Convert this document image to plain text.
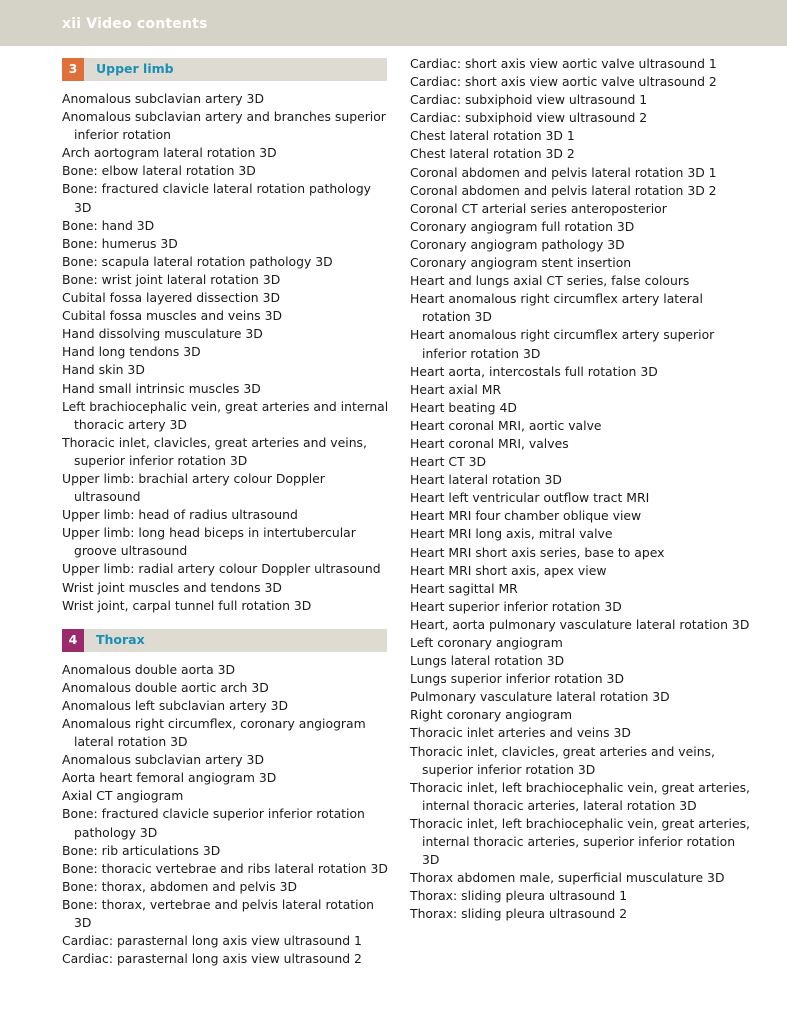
xii Video contents
3	Upper limb
Anomalous subclavian artery 3D
Anomalous subclavian artery and branches superior inferior rotation
Arch aortogram lateral rotation 3D
Bone: elbow lateral rotation 3D
Bone: fractured clavicle lateral rotation pathology 3D
Bone: hand 3D
Bone: humerus 3D
Bone: scapula lateral rotation pathology 3D
Bone: wrist joint lateral rotation 3D
Cubital fossa layered dissection 3D
Cubital fossa muscles and veins 3D
Hand dissolving musculature 3D
Hand long tendons 3D
Hand skin 3D
Hand small intrinsic muscles 3D
Left brachiocephalic vein, great arteries and internal thoracic artery 3D
Thoracic inlet, clavicles, great arteries and veins, superior inferior rotation 3D
Upper limb: brachial artery colour Doppler ultrasound
Upper limb: head of radius ultrasound
Upper limb: long head biceps in intertubercular groove ultrasound
Upper limb: radial artery colour Doppler ultrasound
Wrist joint muscles and tendons 3D
Wrist joint, carpal tunnel full rotation 3D
4	Thorax
Anomalous double aorta 3D
Anomalous double aortic arch 3D
Anomalous left subclavian artery 3D
Anomalous right circumflex, coronary angiogram lateral rotation 3D
Anomalous subclavian artery 3D
Aorta heart femoral angiogram 3D
Axial CT angiogram
Bone: fractured clavicle superior inferior rotation pathology 3D
Bone: rib articulations 3D
Bone: thoracic vertebrae and ribs lateral rotation 3D
Bone: thorax, abdomen and pelvis 3D
Bone: thorax, vertebrae and pelvis lateral rotation 3D
Cardiac: parasternal long axis view ultrasound 1
Cardiac: parasternal long axis view ultrasound 2
Cardiac: short axis view aortic valve ultrasound 1
Cardiac: short axis view aortic valve ultrasound 2
Cardiac: subxiphoid view ultrasound 1
Cardiac: subxiphoid view ultrasound 2
Chest lateral rotation 3D 1
Chest lateral rotation 3D 2
Coronal abdomen and pelvis lateral rotation 3D 1
Coronal abdomen and pelvis lateral rotation 3D 2
Coronal CT arterial series anteroposterior
Coronary angiogram full rotation 3D
Coronary angiogram pathology 3D
Coronary angiogram stent insertion
Heart and lungs axial CT series, false colours
Heart anomalous right circumflex artery lateral rotation 3D
Heart anomalous right circumflex artery superior inferior rotation 3D
Heart aorta, intercostals full rotation 3D
Heart axial MR
Heart beating 4D
Heart coronal MRI, aortic valve
Heart coronal MRI, valves
Heart CT 3D
Heart lateral rotation 3D
Heart left ventricular outflow tract MRI
Heart MRI four chamber oblique view
Heart MRI long axis, mitral valve
Heart MRI short axis series, base to apex
Heart MRI short axis, apex view
Heart sagittal MR
Heart superior inferior rotation 3D
Heart, aorta pulmonary vasculature lateral rotation 3D
Left coronary angiogram
Lungs lateral rotation 3D
Lungs superior inferior rotation 3D
Pulmonary vasculature lateral rotation 3D
Right coronary angiogram
Thoracic inlet arteries and veins 3D
Thoracic inlet, clavicles, great arteries and veins, superior inferior rotation 3D
Thoracic inlet, left brachiocephalic vein, great arteries, internal thoracic arteries, lateral rotation 3D
Thoracic inlet, left brachiocephalic vein, great arteries, internal thoracic arteries, superior inferior rotation 3D
Thorax abdomen male, superficial musculature 3D
Thorax: sliding pleura ultrasound 1
Thorax: sliding pleura ultrasound 2
